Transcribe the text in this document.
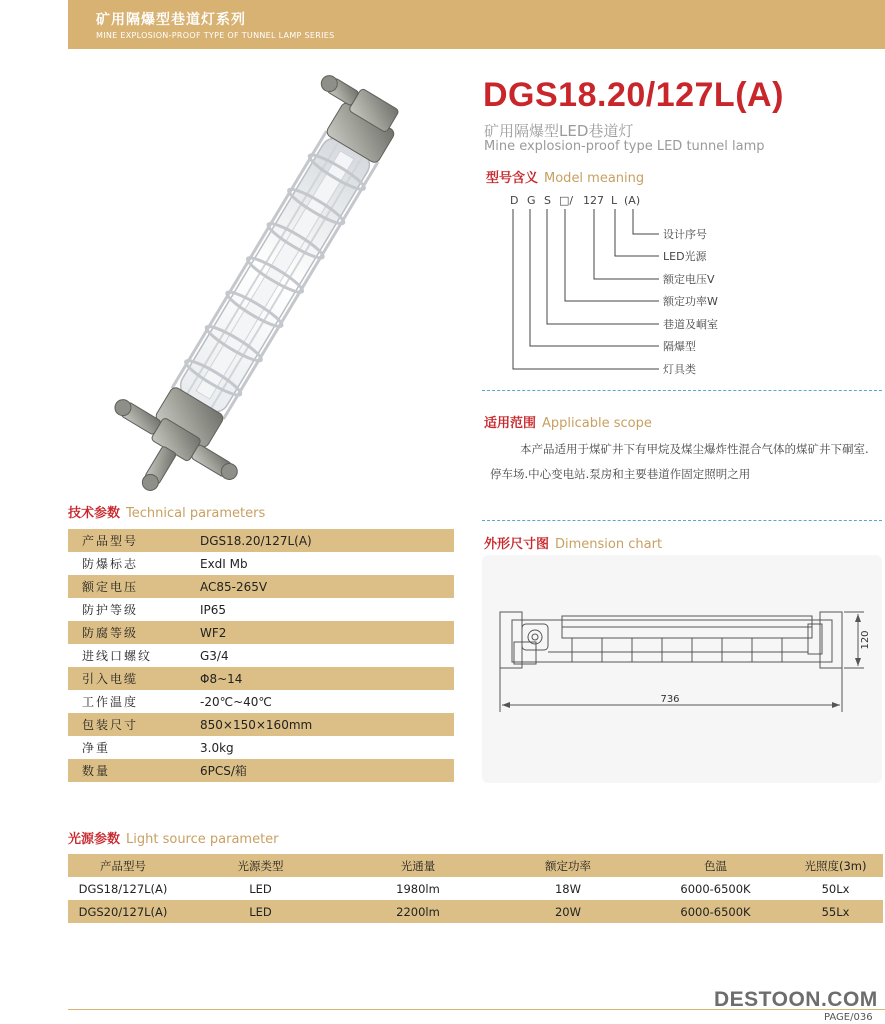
矿用隔爆型巷道灯系列
MINE EXPLOSION-PROOF TYPE OF TUNNEL LAMP SERIES
DGS18.20/127L(A)
矿用隔爆型LED巷道灯
Mine explosion-proof type LED tunnel lamp
型号含义 Model meaning
D G S □/ 127 L (A)
设计序号
LED光源
额定电压V
额定功率W
巷道及峒室
隔爆型
灯具类
适用范围 Applicable scope
本产品适用于煤矿井下有甲烷及煤尘爆炸性混合气体的煤矿井下硐室.停车场.中心变电站.泵房和主要巷道作固定照明之用
外形尺寸图 Dimension chart
736
120
技术参数 Technical parameters
产品型号	DGS18.20/127L(A)
防爆标志	ExdI Mb
额定电压	AC85-265V
防护等级	IP65
防腐等级	WF2
进线口螺纹	G3/4
引入电缆	Φ8~14
工作温度	-20℃~40℃
包装尺寸	850×150×160mm
净重	3.0kg
数量	6PCS/箱
光源参数 Light source parameter
产品型号	光源类型	光通量	额定功率	色温	光照度(3m)
DGS18/127L(A)	LED	1980lm	18W	6000-6500K	50Lx
DGS20/127L(A)	LED	2200lm	20W	6000-6500K	55Lx
DESTOON.COM
PAGE/036
